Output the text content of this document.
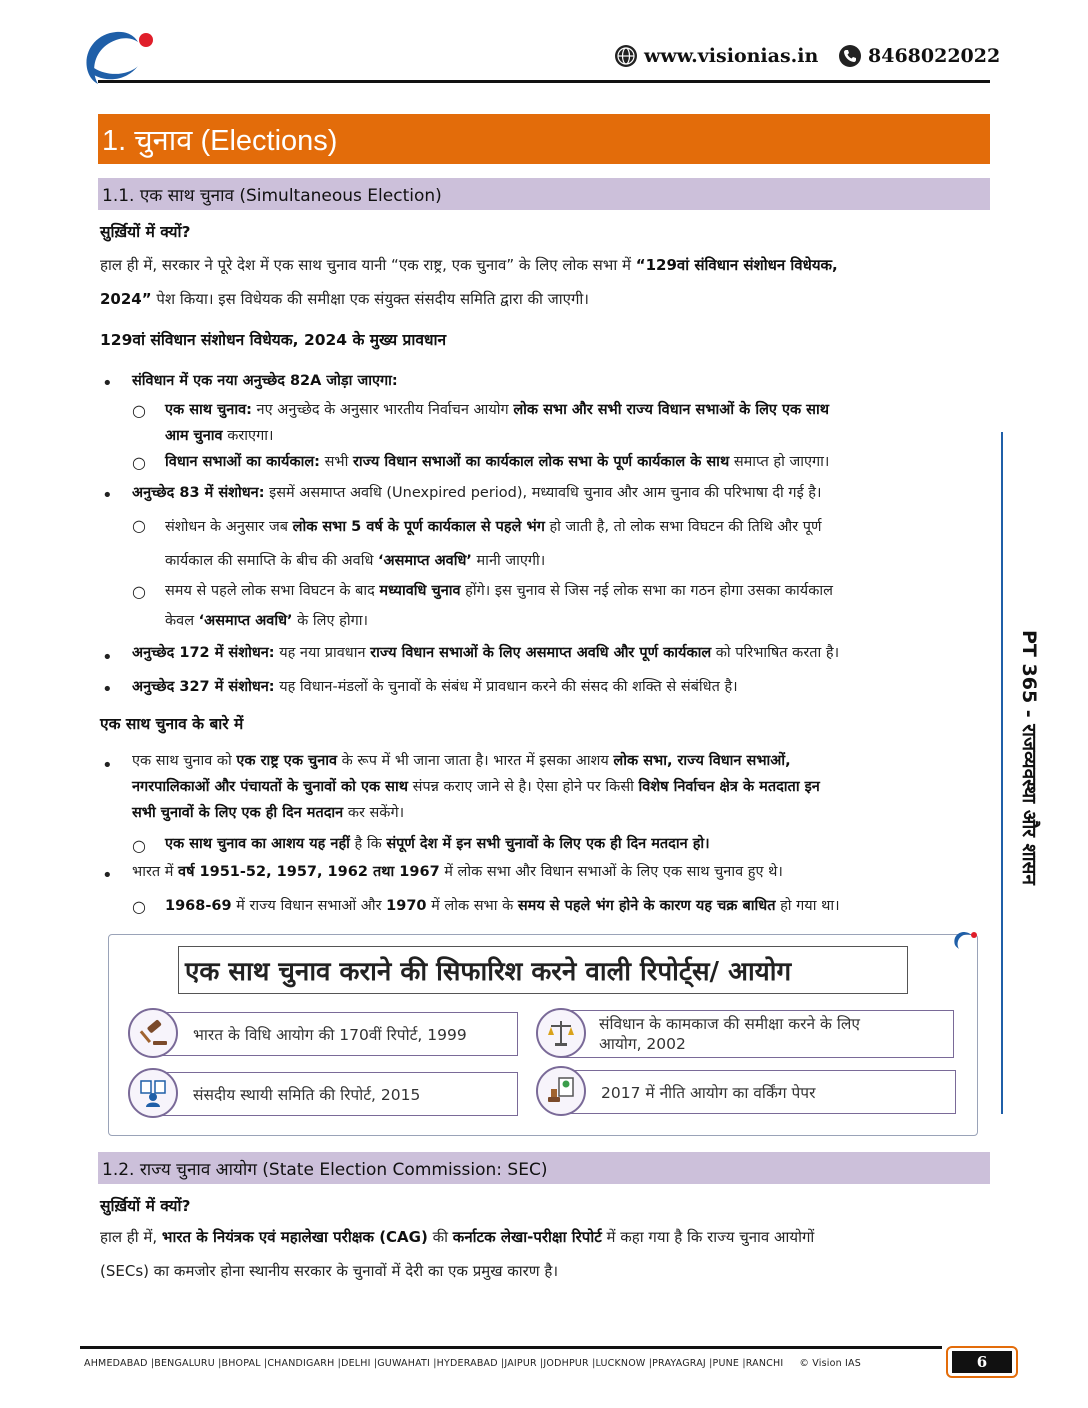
www.visionias.in	8468022022
1. चुनाव (Elections)
1.1. एक साथ चुनाव (Simultaneous Election)
सुर्ख़ियों में क्यों?
हाल ही में, सरकार ने पूरे देश में एक साथ चुनाव यानी “एक राष्ट्र, एक चुनाव” के लिए लोक सभा में “129वां संविधान संशोधन विधेयक,
2024” पेश किया। इस विधेयक की समीक्षा एक संयुक्त संसदीय समिति द्वारा की जाएगी।
129वां संविधान संशोधन विधेयक, 2024 के मुख्य प्रावधान
• संविधान में एक नया अनुच्छेद 82A जोड़ा जाएगा:
○ एक साथ चुनाव: नए अनुच्छेद के अनुसार भारतीय निर्वाचन आयोग लोक सभा और सभी राज्य विधान सभाओं के लिए एक साथ
आम चुनाव कराएगा।
○ विधान सभाओं का कार्यकाल: सभी राज्य विधान सभाओं का कार्यकाल लोक सभा के पूर्ण कार्यकाल के साथ समाप्त हो जाएगा।
• अनुच्छेद 83 में संशोधन: इसमें असमाप्त अवधि (Unexpired period), मध्यावधि चुनाव और आम चुनाव की परिभाषा दी गई है।
○ संशोधन के अनुसार जब लोक सभा 5 वर्ष के पूर्ण कार्यकाल से पहले भंग हो जाती है, तो लोक सभा विघटन की तिथि और पूर्ण
कार्यकाल की समाप्ति के बीच की अवधि ‘असमाप्त अवधि’ मानी जाएगी।
○ समय से पहले लोक सभा विघटन के बाद मध्यावधि चुनाव होंगे। इस चुनाव से जिस नई लोक सभा का गठन होगा उसका कार्यकाल
केवल ‘असमाप्त अवधि’ के लिए होगा।
• अनुच्छेद 172 में संशोधन: यह नया प्रावधान राज्य विधान सभाओं के लिए असमाप्त अवधि और पूर्ण कार्यकाल को परिभाषित करता है।
• अनुच्छेद 327 में संशोधन: यह विधान-मंडलों के चुनावों के संबंध में प्रावधान करने की संसद की शक्ति से संबंधित है।
एक साथ चुनाव के बारे में
• एक साथ चुनाव को एक राष्ट्र एक चुनाव के रूप में भी जाना जाता है। भारत में इसका आशय लोक सभा, राज्य विधान सभाओं,
नगरपालिकाओं और पंचायतों के चुनावों को एक साथ संपन्न कराए जाने से है। ऐसा होने पर किसी विशेष निर्वाचन क्षेत्र के मतदाता इन
सभी चुनावों के लिए एक ही दिन मतदान कर सकेंगे।
○ एक साथ चुनाव का आशय यह नहीं है कि संपूर्ण देश में इन सभी चुनावों के लिए एक ही दिन मतदान हो।
• भारत में वर्ष 1951-52, 1957, 1962 तथा 1967 में लोक सभा और विधान सभाओं के लिए एक साथ चुनाव हुए थे।
○ 1968-69 में राज्य विधान सभाओं और 1970 में लोक सभा के समय से पहले भंग होने के कारण यह चक्र बाधित हो गया था।
एक साथ चुनाव कराने की सिफारिश करने वाली रिपोर्ट्स/ आयोग
भारत के विधि आयोग की 170वीं रिपोर्ट, 1999
संविधान के कामकाज की समीक्षा करने के लिए
आयोग, 2002
संसदीय स्थायी समिति की रिपोर्ट, 2015	2017 में नीति आयोग का वर्किंग पेपर
1.2. राज्य चुनाव आयोग (State Election Commission: SEC)
सुर्ख़ियों में क्यों?
हाल ही में, भारत के नियंत्रक एवं महालेखा परीक्षक (CAG) की कर्नाटक लेखा-परीक्षा रिपोर्ट में कहा गया है कि राज्य चुनाव आयोगों
(SECs) का कमजोर होना स्थानीय सरकार के चुनावों में देरी का एक प्रमुख कारण है।
PT 365 - राजव्यवस्था और शासन
AHMEDABAD |BENGALURU |BHOPAL |CHANDIGARH |DELHI |GUWAHATI |HYDERABAD |JAIPUR |JODHPUR |LUCKNOW |PRAYAGRAJ |PUNE |RANCHI © Vision IAS	6
